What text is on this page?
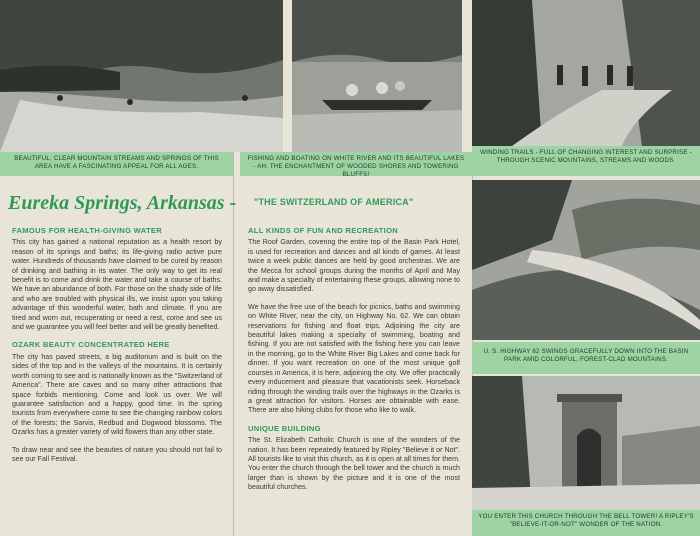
BEAUTIFUL, CLEAR MOUNTAIN STREAMS AND SPRINGS OF THIS AREA HAVE A FASCINATING APPEAL FOR ALL AGES.
FISHING AND BOATING ON WHITE RIVER AND ITS BEAUTIFUL LAKES - AH, THE ENCHANTMENT OF WOODED SHORES AND TOWERING BLUFFS!
WINDING TRAILS - FULL OF CHANGING INTEREST AND SURPRISE - THROUGH SCENIC MOUNTAINS, STREAMS AND WOODS.
U. S. HIGHWAY 62 SWINGS GRACEFULLY DOWN INTO THE BASIN PARK AMID COLORFUL, FOREST-CLAD MOUNTAINS.
YOU ENTER THIS CHURCH THROUGH THE BELL TOWER! A RIPLEY'S "BELIEVE-IT-OR-NOT" WONDER OF THE NATION.
Eureka Springs, Arkansas - "THE SWITZERLAND OF AMERICA"
FAMOUS FOR HEALTH-GIVING WATER

This city has gained a national reputation as a health resort by reason of its springs and baths; its life-giving radio active pure water. Hundreds of thousands have claimed to be cured by reason of drinking and bathing in its water. The only way to get its real benefit is to come and drink the water and take a course of baths. We have an abundance of both. For those on the shady side of life and who are troubled with physical ills, we insist upon you taking advantage of this wonderful water, bath and climate. If you are tired and worn out, recuperating or need a rest, come and see us and we guarantee you will feel better and will be greatly benefited.

OZARK BEAUTY CONCENTRATED HERE

The city has paved streets, a big auditorium and is built on the sides of the top and in the valleys of the mountains. It is certainly worth coming to see and is nationally known as the "Switzerland of America". There are caves and so many other attractions that space forbids mentioning. Come and look us over. We will guarantee satisfaction and a happy, good time. In the spring tourists from everywhere come to see the changing rainbow colors of the forests; the Sarvis, Redbud and Dogwood blossoms. The Ozarks has a greater variety of wild flowers than any other state.

To draw near and see the beauties of nature you should not fail to see our Fall Festival.

ALL KINDS OF FUN AND RECREATION

The Roof Garden, covering the entire top of the Basin Park Hotel, is used for recreation and dances and all kinds of games. At least twice a week public dances are held by good orchestras. We are the Mecca for school groups during the months of April and May and make a specialty of entertaining these groups, allowing none to go away dissatisfied.

We have the free use of the beach for picnics, baths and swimming on White River, near the city, on Highway No. 62. We can obtain reservations for fishing and float trips. Adjoining the city are beautiful lakes making a specialty of swimming, boating and fishing. If you are not satisfied with the fishing here you can leave in the morning, go to the White River Big Lakes and come back for dinner. If you want recreation on one of the most unique golf courses in America, it is here, adjoining the city. We offer practically every inducement and pleasure that vacationists seek. Horseback riding through the winding trails over the highways in the Ozarks is a great attraction for visitors. Horses are obtainable with ease. There are also hiking clubs for those who like to walk.

UNIQUE BUILDING

The St. Elizabeth Catholic Church is one of the wonders of the nation. It has been repeatedly featured by Ripley "Believe it or Not". All tourists like to visit this church, as it is open at all times for them. You enter the church through the bell tower and the church is much larger than is shown by the picture and it is one of the most beautiful churches.
